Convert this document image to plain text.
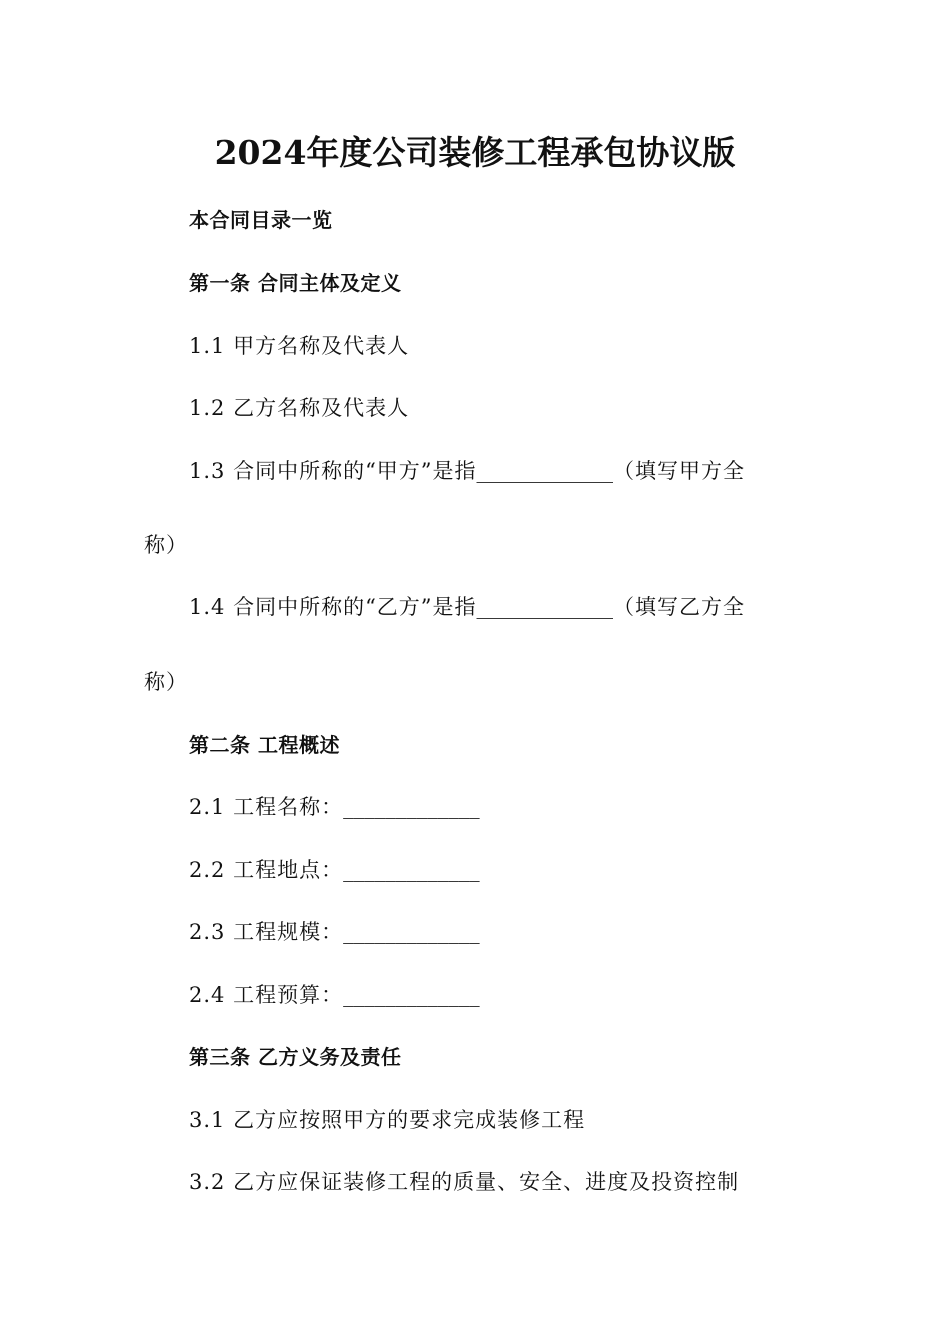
2024年度公司装修工程承包协议版
本合同目录一览
第一条 合同主体及定义
1.1 甲方名称及代表人
1.2 乙方名称及代表人
1.3 合同中所称的“甲方”是指_____________（填写甲方全
称）
1.4 合同中所称的“乙方”是指_____________（填写乙方全
称）
第二条 工程概述
2.1 工程名称：_____________
2.2 工程地点：_____________
2.3 工程规模：_____________
2.4 工程预算：_____________
第三条 乙方义务及责任
3.1 乙方应按照甲方的要求完成装修工程
3.2 乙方应保证装修工程的质量、安全、进度及投资控制
